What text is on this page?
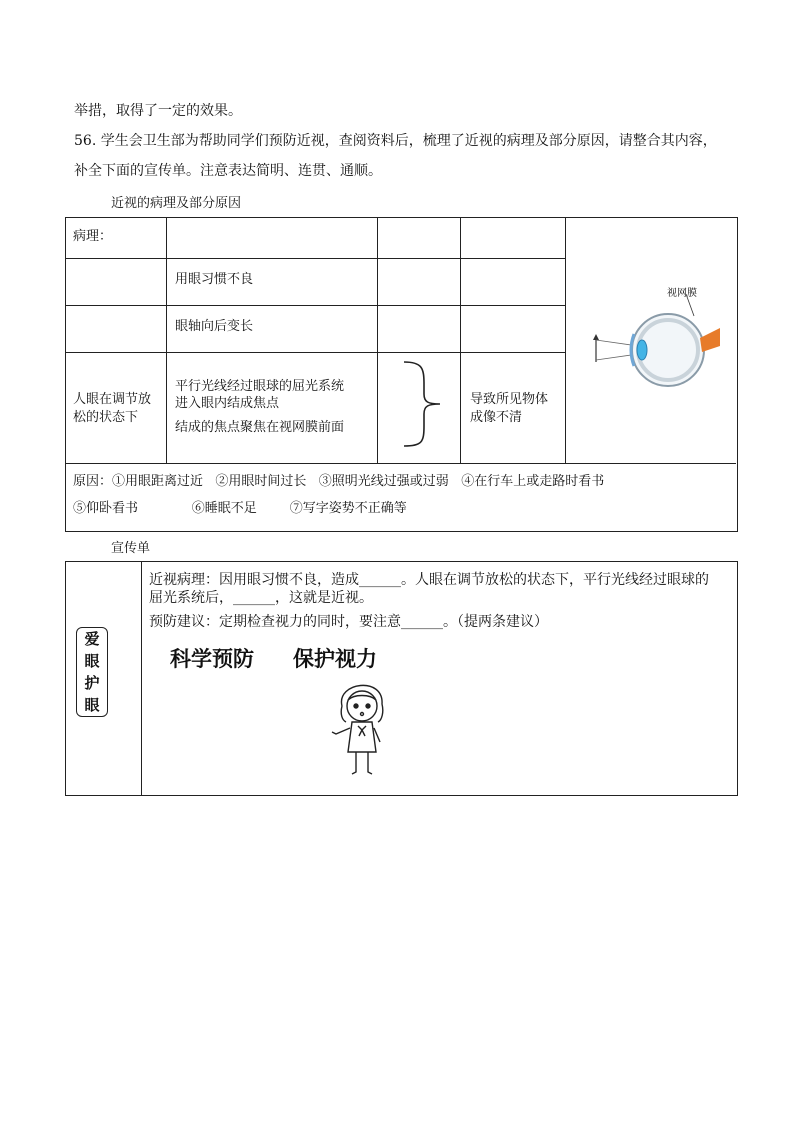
举措，取得了一定的效果。
56. 学生会卫生部为帮助同学们预防近视，查阅资料后，梳理了近视的病理及部分原因，请整合其内容，
补全下面的宣传单。注意表达简明、连贯、通顺。
近视的病理及部分原因
病理：
用眼习惯不良
眼轴向后变长
人眼在调节放松的状态下
平行光线经过眼球的屈光系统
进入眼内结成焦点
结成的焦点聚焦在视网膜前面
导致所见物体成像不清
视网膜
原因：①用眼距离过近   ②用眼时间过长   ③照明光线过强或过弱   ④在行车上或走路时看书
⑤仰卧看书             ⑥睡眠不足        ⑦写字姿势不正确等
宣传单
爱
眼
护
眼
近视病理：因用眼习惯不良，造成______。人眼在调节放松的状态下，平行光线经过眼球的
屈光系统后，______，这就是近视。
预防建议：定期检查视力的同时，要注意______。（提两条建议）
科学预防 保护视力
